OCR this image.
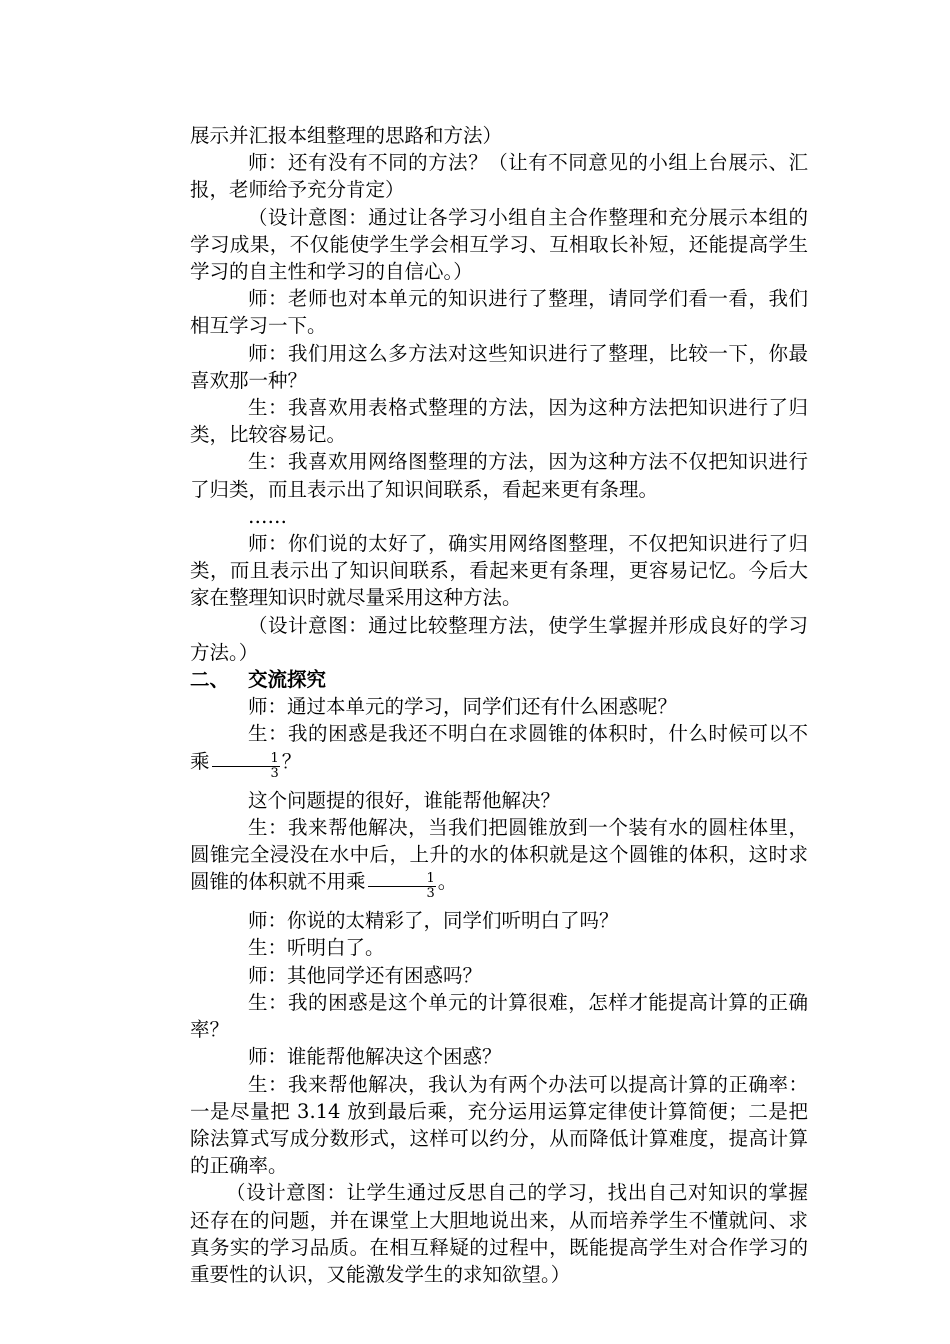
展示并汇报本组整理的思路和方法）

师：还有没有不同的方法？（让有不同意见的小组上台展示、汇报，老师给予充分肯定）

（设计意图：通过让各学习小组自主合作整理和充分展示本组的学习成果，不仅能使学生学会相互学习、互相取长补短，还能提高学生学习的自主性和学习的自信心。）

师：老师也对本单元的知识进行了整理，请同学们看一看，我们相互学习一下。

师：我们用这么多方法对这些知识进行了整理，比较一下，你最喜欢那一种？

生：我喜欢用表格式整理的方法，因为这种方法把知识进行了归类，比较容易记。

生：我喜欢用网络图整理的方法，因为这种方法不仅把知识进行了归类，而且表示出了知识间联系，看起来更有条理。

……

师：你们说的太好了，确实用网络图整理，不仅把知识进行了归类，而且表示出了知识间联系，看起来更有条理，更容易记忆。今后大家在整理知识时就尽量采用这种方法。

（设计意图：通过比较整理方法，使学生掌握并形成良好的学习方法。）

二、 交流探究

师：通过本单元的学习，同学们还有什么困惑呢？

生：我的困惑是我还不明白在求圆锥的体积时，什么时候可以不乘 $\frac{1}{3}$ ？

这个问题提的很好，谁能帮他解决？

生：我来帮他解决，当我们把圆锥放到一个装有水的圆柱体里，圆锥完全浸没在水中后，上升的水的体积就是这个圆锥的体积，这时求圆锥的体积就不用乘 $\frac{1}{3}$ 。

师：你说的太精彩了，同学们听明白了吗？

生：听明白了。

师：其他同学还有困惑吗？

生：我的困惑是这个单元的计算很难，怎样才能提高计算的正确率？

师：谁能帮他解决这个困惑？

生：我来帮他解决，我认为有两个办法可以提高计算的正确率：一是尽量把 3.14 放到最后乘，充分运用运算定律使计算简便；二是把除法算式写成分数形式，这样可以约分，从而降低计算难度，提高计算的正确率。

（设计意图：让学生通过反思自己的学习，找出自己对知识的掌握还存在的问题，并在课堂上大胆地说出来，从而培养学生不懂就问、求真务实的学习品质。在相互释疑的过程中，既能提高学生对合作学习的重要性的认识，又能激发学生的求知欲望。）
